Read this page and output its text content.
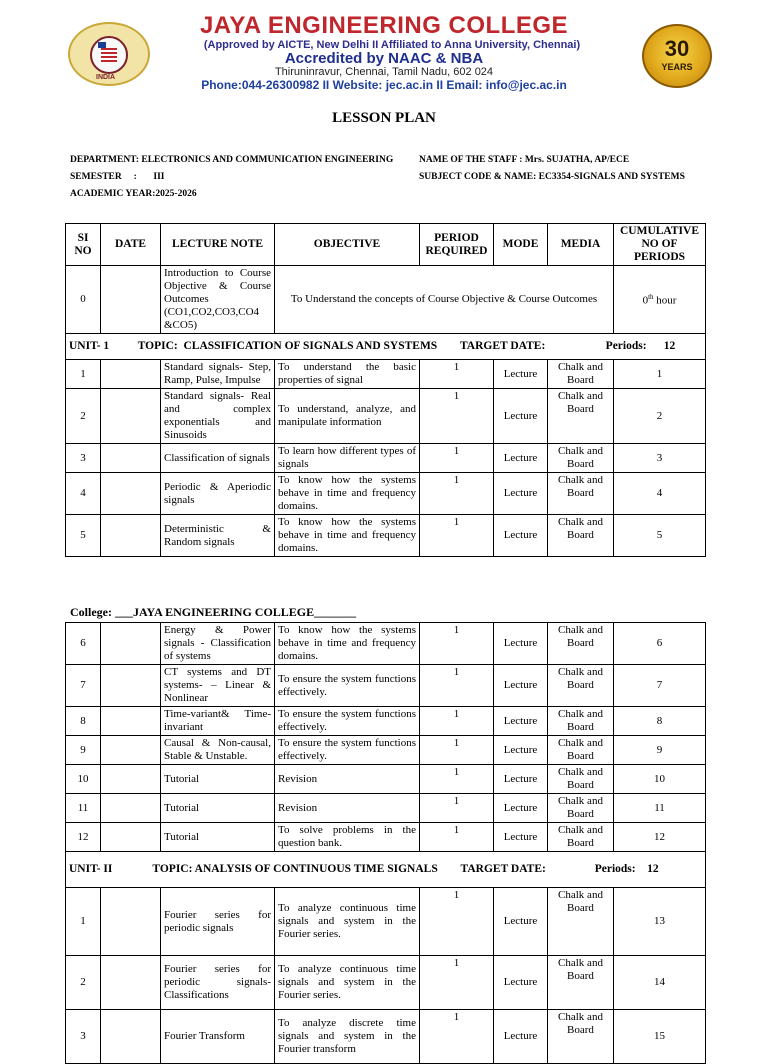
INDIA
JAYA ENGINEERING COLLEGE
(Approved by AICTE, New Delhi II Affiliated to Anna University, Chennai)
Accredited by NAAC & NBA
Thiruninravur, Chennai, Tamil Nadu, 602 024
Phone:044-26300982 II Website: jec.ac.in II Email: info@jec.ac.in
30
YEARS
LESSON PLAN
DEPARTMENT: ELECTRONICS AND COMMUNICATION ENGINEERING
SEMESTER     :       III
ACADEMIC YEAR:2025-2026
NAME OF THE STAFF : Mrs. SUJATHA, AP/ECE
SUBJECT CODE & NAME: EC3354-SIGNALS AND SYSTEMS
SI NO	DATE	LECTURE NOTE	OBJECTIVE	PERIOD REQUIRED	MODE	MEDIA	CUMULATIVE NO OF PERIODS
0		Introduction to Course Objective & Course Outcomes (CO1,CO2,CO3,CO4 &CO5)	To Understand the concepts of Course Objective & Course Outcomes				0th hour
UNIT- 1          TOPIC:  CLASSIFICATION OF SIGNALS AND SYSTEMS        TARGET DATE:                     Periods:      12							
1		Standard signals- Step, Ramp, Pulse, Impulse	To understand the basic properties of signal	1	Lecture	Chalk and Board	1
2		Standard signals- Real and complex exponentials and Sinusoids	To understand, analyze, and manipulate information	1	Lecture	Chalk and Board	2
3		Classification of signals	To learn how different types of signals	1	Lecture	Chalk and Board	3
4		Periodic & Aperiodic signals	To know how the systems behave in time and frequency domains.	1	Lecture	Chalk and Board	4
5		Deterministic & Random signals	To know how the systems behave in time and frequency domains.	1	Lecture	Chalk and Board	5
College: ___JAYA ENGINEERING COLLEGE_______
6		Energy & Power signals - Classification of systems	To know how the systems behave in time and frequency domains.	1	Lecture	Chalk and Board	6
7		CT systems and DT systems- – Linear & Nonlinear	To ensure the system functions effectively.	1	Lecture	Chalk and Board	7
8		Time-variant& Time-invariant	To ensure the system functions effectively.	1	Lecture	Chalk and Board	8
9		Causal & Non-causal, Stable & Unstable.	To ensure the system functions effectively.	1	Lecture	Chalk and Board	9
10		Tutorial	Revision	1	Lecture	Chalk and Board	10
11		Tutorial	Revision	1	Lecture	Chalk and Board	11
12		Tutorial	To solve problems in the question bank.	1	Lecture	Chalk and Board	12
UNIT- II              TOPIC: ANALYSIS OF CONTINUOUS TIME SIGNALS        TARGET DATE:                 Periods:    12							
1		Fourier series for periodic signals	To analyze continuous time signals and system in the Fourier series.	1	Lecture	Chalk and Board	13
2		Fourier series for periodic signals-Classifications	To analyze continuous time signals and system in the Fourier series.	1	Lecture	Chalk and Board	14
3		Fourier Transform	To analyze discrete time signals and system in the Fourier transform	1	Lecture	Chalk and Board	15
